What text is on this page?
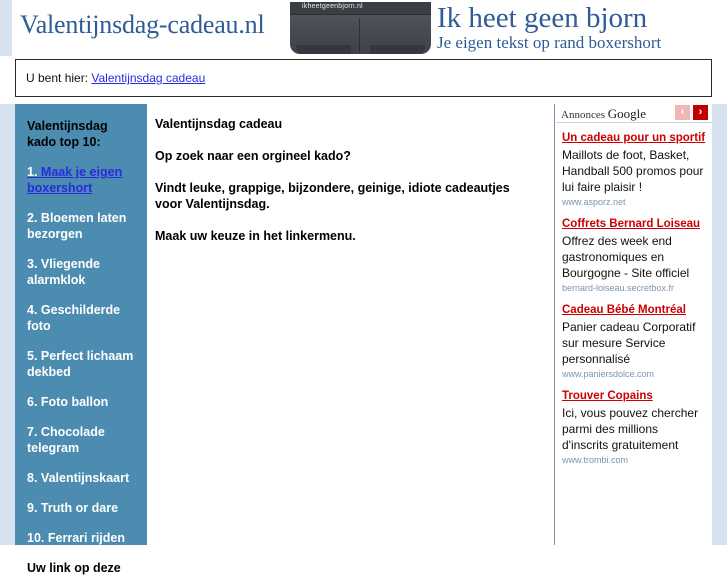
Valentijnsdag-cadeau.nl
ikheetgeenbjorn.nl	Ik heet geen bjorn
Je eigen tekst op rand boxershort
U bent hier: Valentijnsdag cadeau
Valentijnsdag kado top 10:
1. Maak je eigen boxershort
2. Bloemen laten bezorgen
3. Vliegende alarmklok
4. Geschilderde foto
5. Perfect lichaam dekbed
6. Foto ballon
7. Chocolade telegram
8. Valentijnskaart
9. Truth or dare
10. Ferrari rijden
Uw link op deze

Valentijnsdag cadeau

Op zoek naar een orgineel kado?

Vindt leuke, grappige, bijzondere, geinige, idiote cadeautjes voor Valentijnsdag.

Maak uw keuze in het linkermenu.

Annonces Google	‹	›
Un cadeau pour un sportif
Maillots de foot, Basket, Handball 500 promos pour lui faire plaisir !
www.asporz.net
Coffrets Bernard Loiseau
Offrez des week end gastronomiques en Bourgogne - Site officiel
bernard-loiseau.secretbox.fr
Cadeau Bébé Montréal
Panier cadeau Corporatif sur mesure Service personnalisé
www.paniersdolce.com
Trouver Copains
Ici, vous pouvez chercher parmi des millions d'inscrits gratuitement
www.trombi.com
